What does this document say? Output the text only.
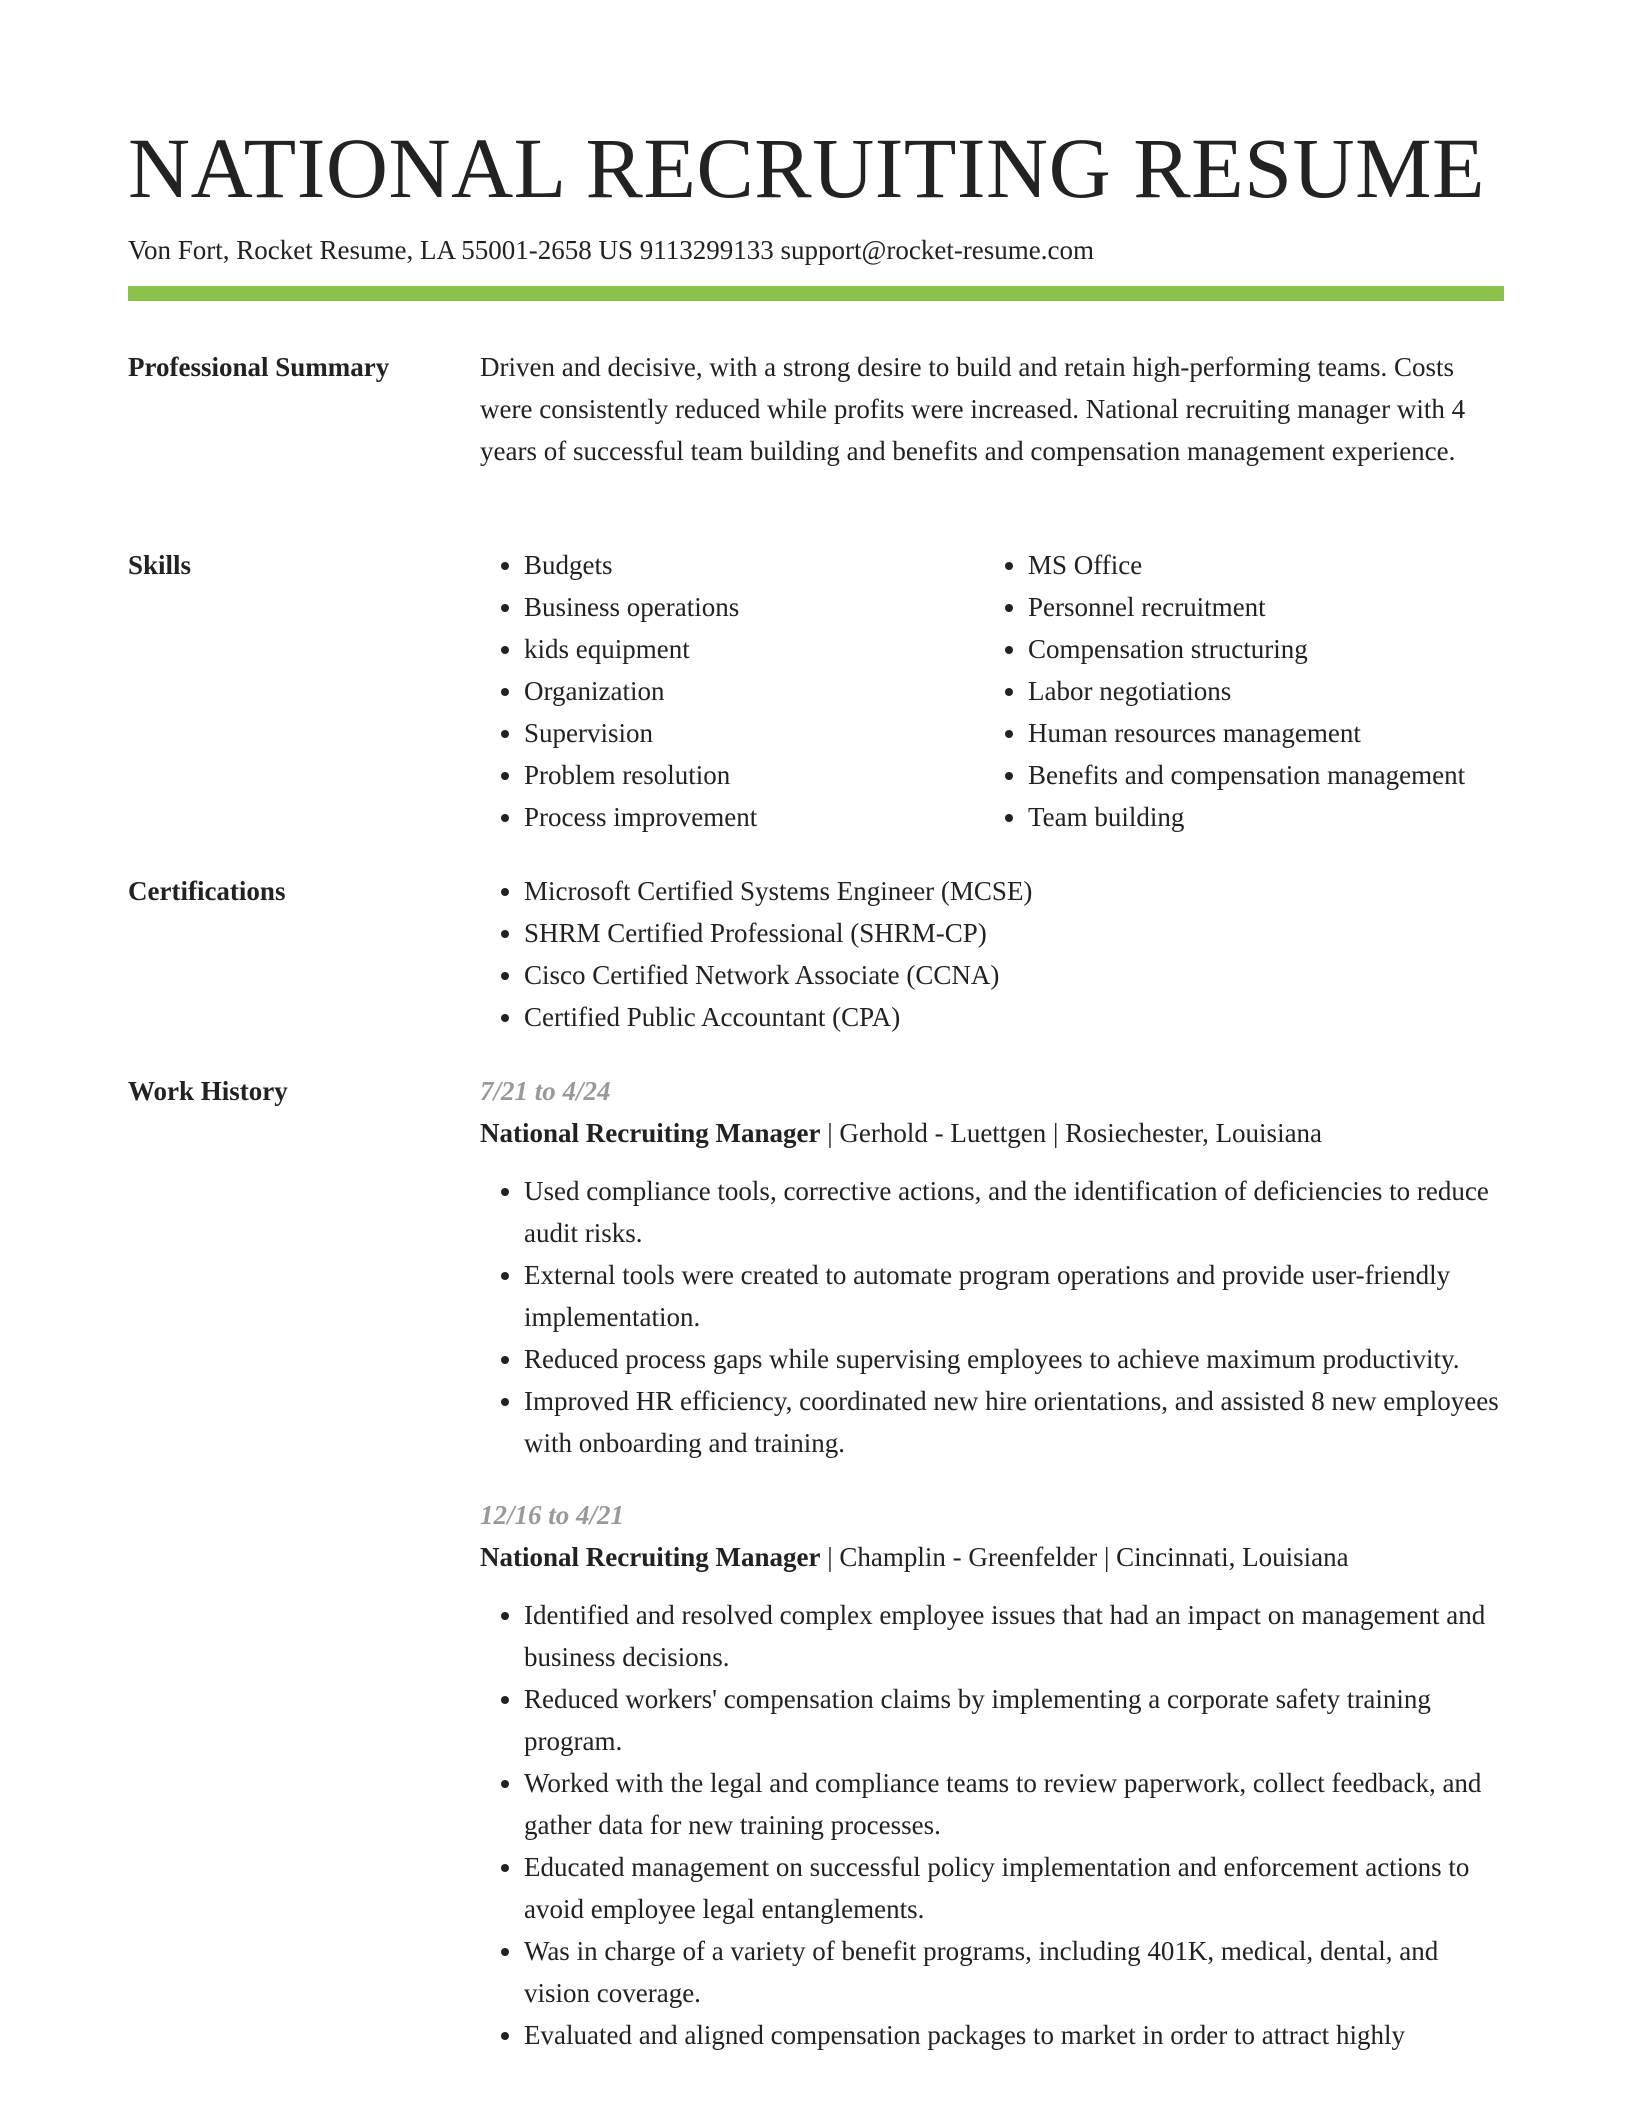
NATIONAL RECRUITING RESUME
Von Fort, Rocket Resume, LA 55001-2658 US 9113299133 support@rocket-resume.com
Professional Summary	Driven and decisive, with a strong desire to build and retain high-performing teams. Costs were consistently reduced while profits were increased. National recruiting manager with 4 years of successful team building and benefits and compensation management experience.

Skills	• Budgets
• Business operations
• kids equipment
• Organization
• Supervision
• Problem resolution
• Process improvement
• MS Office
• Personnel recruitment
• Compensation structuring
• Labor negotiations
• Human resources management
• Benefits and compensation management
• Team building
Certifications	• Microsoft Certified Systems Engineer (MCSE)
• SHRM Certified Professional (SHRM-CP)
• Cisco Certified Network Associate (CCNA)
• Certified Public Accountant (CPA)
Work History	7/21 to 4/24
National Recruiting Manager | Gerhold - Luettgen | Rosiechester, Louisiana
• Used compliance tools, corrective actions, and the identification of deficiencies to reduce audit risks.
• External tools were created to automate program operations and provide user-friendly implementation.
• Reduced process gaps while supervising employees to achieve maximum productivity.
• Improved HR efficiency, coordinated new hire orientations, and assisted 8 new employees with onboarding and training.
12/16 to 4/21
National Recruiting Manager | Champlin - Greenfelder | Cincinnati, Louisiana
• Identified and resolved complex employee issues that had an impact on management and business decisions.
• Reduced workers' compensation claims by implementing a corporate safety training program.
• Worked with the legal and compliance teams to review paperwork, collect feedback, and gather data for new training processes.
• Educated management on successful policy implementation and enforcement actions to avoid employee legal entanglements.
• Was in charge of a variety of benefit programs, including 401K, medical, dental, and vision coverage.
• Evaluated and aligned compensation packages to market in order to attract highly
